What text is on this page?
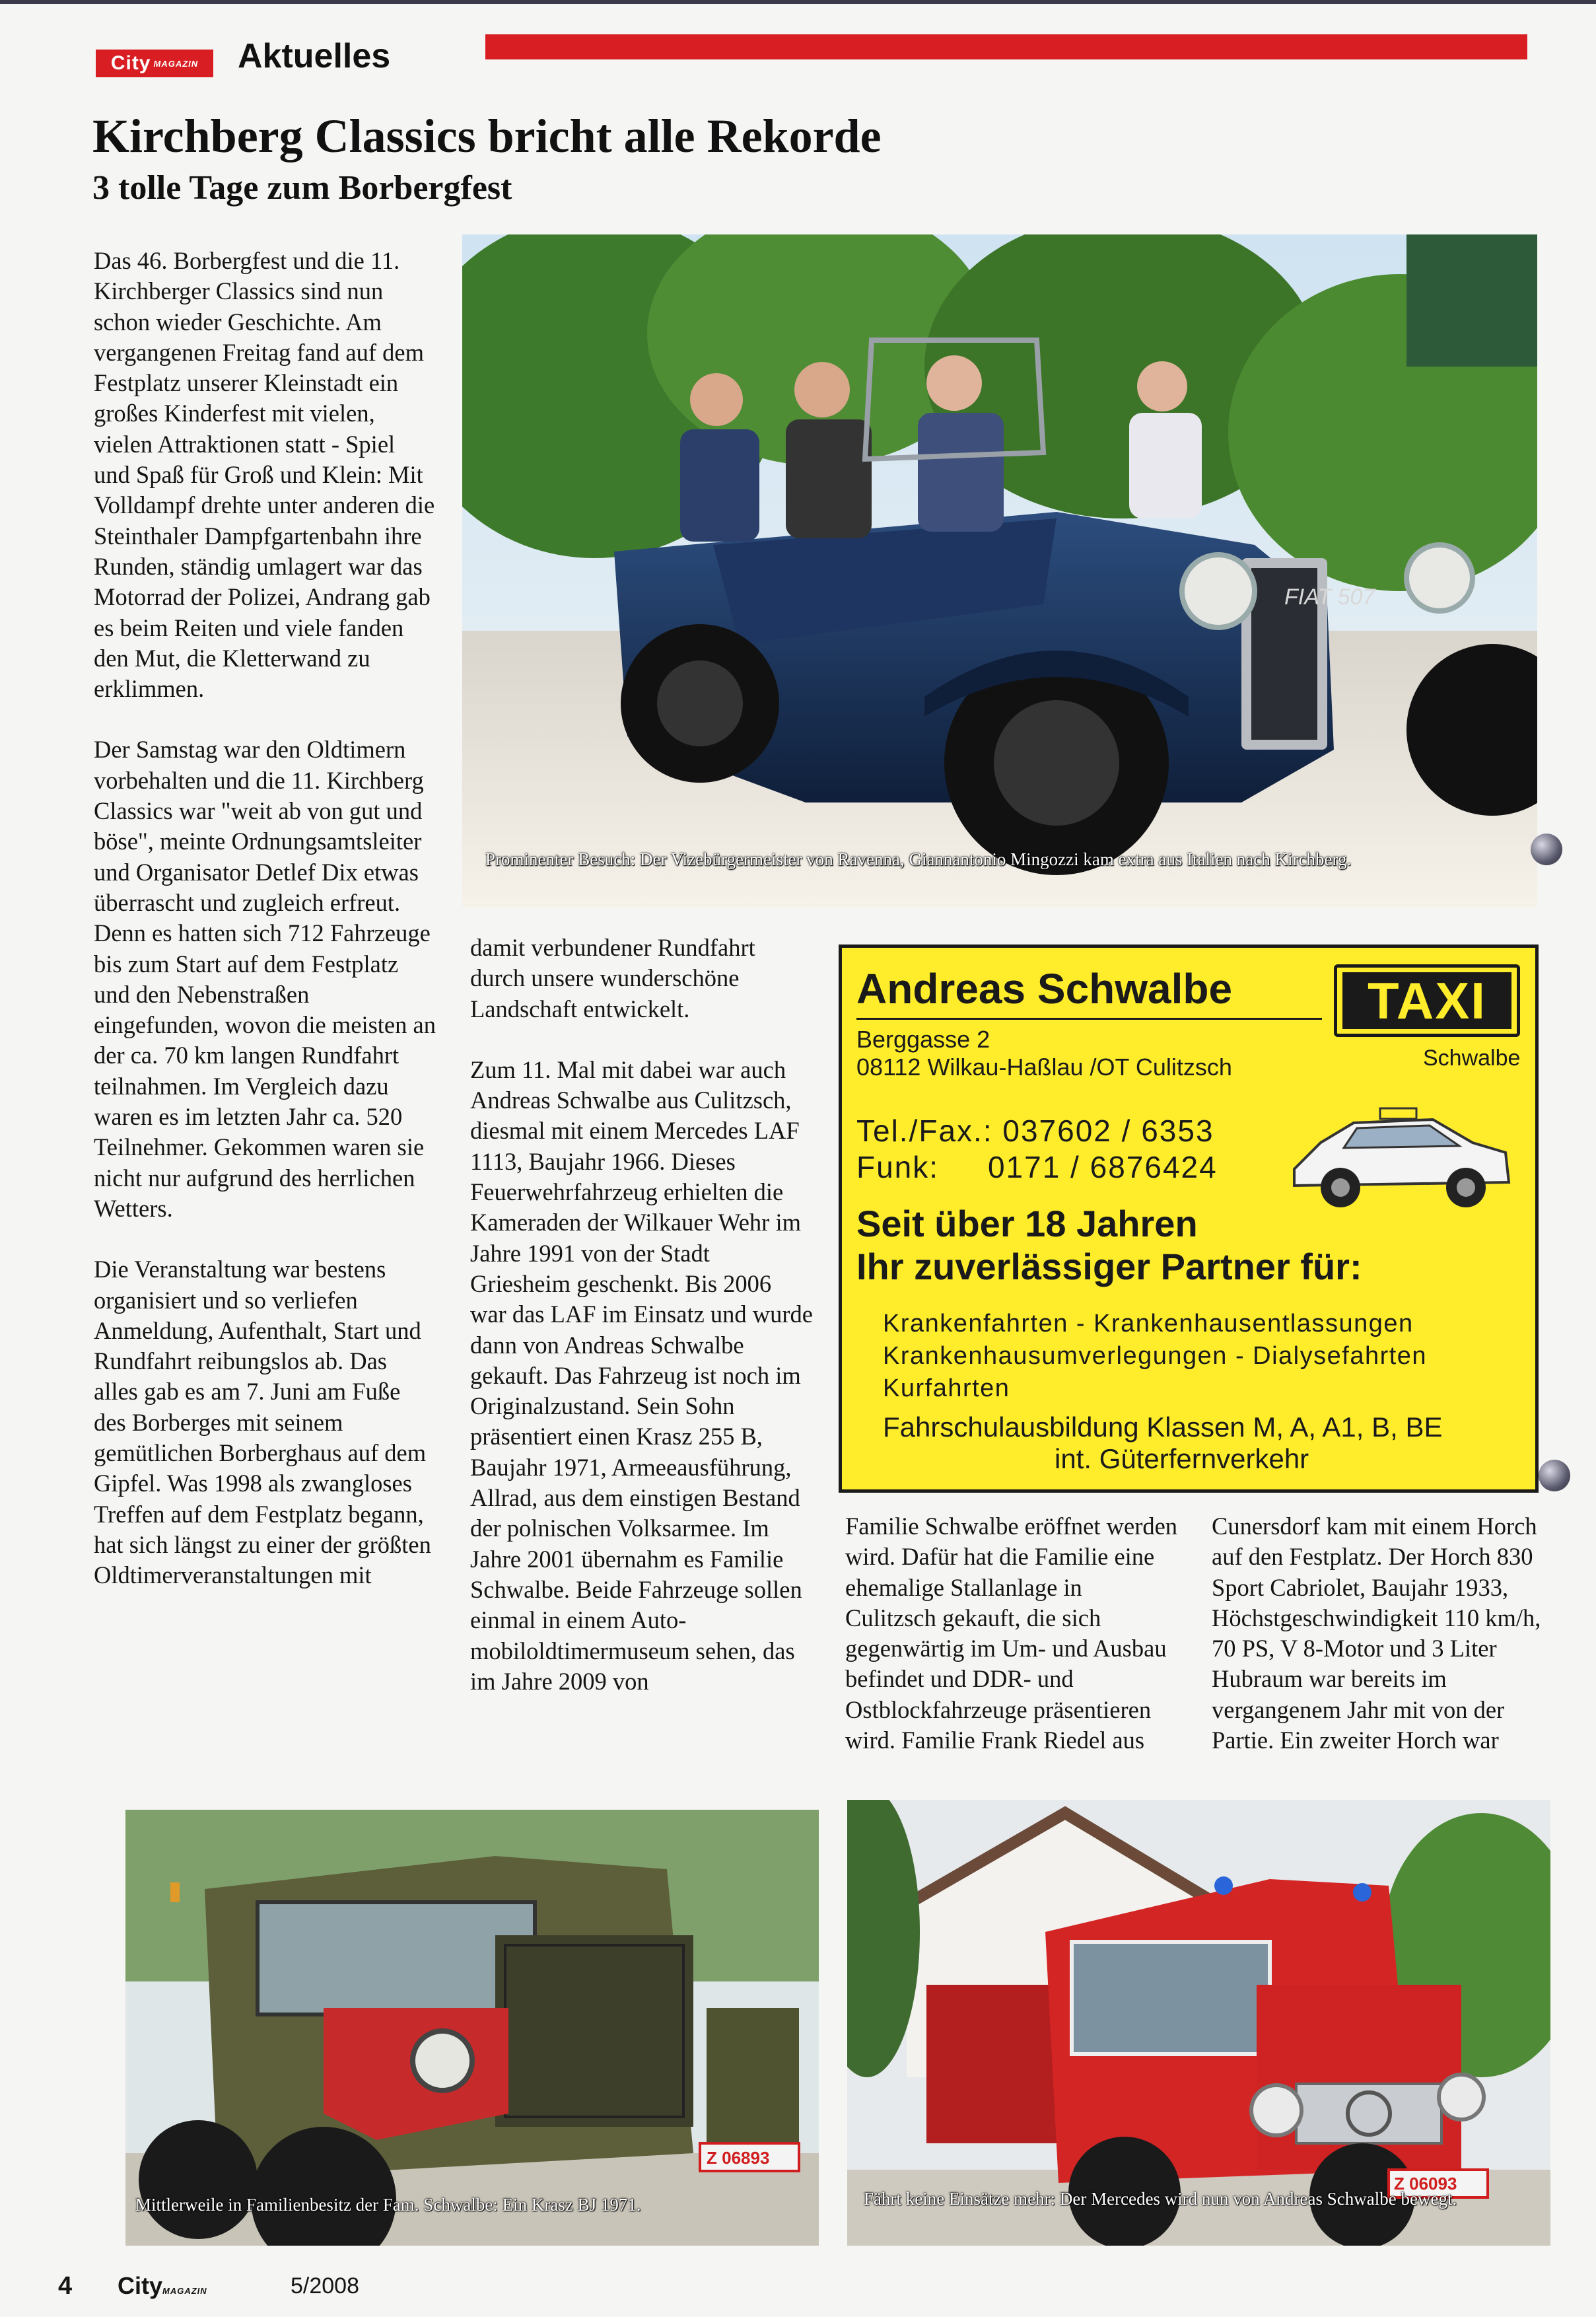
City MAGAZIN Aktuelles
Kirchberg Classics bricht alle Rekorde
3 tolle Tage zum Borbergfest

Das 46. Borbergfest und die 11. Kirchberger Classics sind nun schon wieder Geschichte. Am vergangenen Freitag fand auf dem Festplatz unserer Kleinstadt ein großes Kinderfest mit vielen, vielen Attraktionen statt - Spiel und Spaß für Groß und Klein: Mit Volldampf drehte unter anderen die Steinthaler Dampfgartenbahn ihre Runden, ständig umlagert war das Motorrad der Polizei, Andrang gab es beim Reiten und viele fanden den Mut, die Kletterwand zu erklimmen.

Der Samstag war den Oldtimern vorbehalten und die 11. Kirchberg Classics war "weit ab von gut und böse", meinte Ordnungsamtsleiter und Organisator Detlef Dix etwas überrascht und zugleich erfreut. Denn es hatten sich 712 Fahrzeuge bis zum Start auf dem Festplatz und den Nebenstraßen eingefunden, wovon die meisten an der ca. 70 km langen Rundfahrt teilnahmen. Im Vergleich dazu waren es im letzten Jahr ca. 520 Teilnehmer. Gekommen waren sie nicht nur aufgrund des herrlichen Wetters.

Die Veranstaltung war bestens organisiert und so verliefen Anmeldung, Aufenthalt, Start und Rundfahrt reibungslos ab. Das alles gab es am 7. Juni am Fuße des Borberges mit seinem gemütlichen Borberghaus auf dem Gipfel. Was 1998 als zwangloses Treffen auf dem Festplatz begann, hat sich längst zu einer der größten Oldtimerveranstaltungen mit

FIAT 507
Prominenter Besuch: Der Vizebürgermeister von Ravenna, Giannantonio Mingozzi kam extra aus Italien nach Kirchberg.

damit verbundener Rundfahrt durch unsere wunderschöne Landschaft entwickelt.

Zum 11. Mal mit dabei war auch Andreas Schwalbe aus Culitzsch, diesmal mit einem Mercedes LAF 1113, Baujahr 1966. Dieses Feuerwehrfahrzeug erhielten die Kameraden der Wilkauer Wehr im Jahre 1991 von der Stadt Griesheim geschenkt. Bis 2006 war das LAF im Einsatz und wurde dann von Andreas Schwalbe gekauft. Das Fahrzeug ist noch im Originalzustand. Sein Sohn präsentiert einen Krasz 255 B, Baujahr 1971, Armeeausführung, Allrad, aus dem einstigen Bestand der polnischen Volksarmee. Im Jahre 2001 übernahm es Familie Schwalbe. Beide Fahrzeuge sollen einmal in einem Automobiloldtimermuseum sehen, das im Jahre 2009 von

Andreas Schwalbe
Berggasse 2
08112 Wilkau-Haßlau /OT Culitzsch
TAXI
Schwalbe
Tel./Fax.: 037602 / 6353
Funk:     0171 / 6876424
Seit über 18 Jahren
Ihr zuverlässiger Partner für:
Krankenfahrten - Krankenhausentlassungen
Krankenhausumverlegungen - Dialysefahrten
Kurfahrten
Fahrschulausbildung Klassen M, A, A1, B, BE
int. Güterfernverkehr

Familie Schwalbe eröffnet werden wird. Dafür hat die Familie eine ehemalige Stallanlage in Culitzsch gekauft, die sich gegenwärtig im Um- und Ausbau befindet und DDR- und Ostblockfahrzeuge präsentieren wird. Familie Frank Riedel aus

Cunersdorf kam mit einem Horch auf den Festplatz. Der Horch 830 Sport Cabriolet, Baujahr 1933, Höchstgeschwindigkeit 110 km/h, 70 PS, V 8-Motor und 3 Liter Hubraum war bereits im vergangenem Jahr mit von der Partie. Ein zweiter Horch war

Z 06893
Mittlerweile in Familienbesitz der Fam. Schwalbe: Ein Krasz BJ 1971.
Z 06093
Fährt keine Einsätze mehr: Der Mercedes wird nun von Andreas Schwalbe bewegt.
4 CityMAGAZIN	5/2008
